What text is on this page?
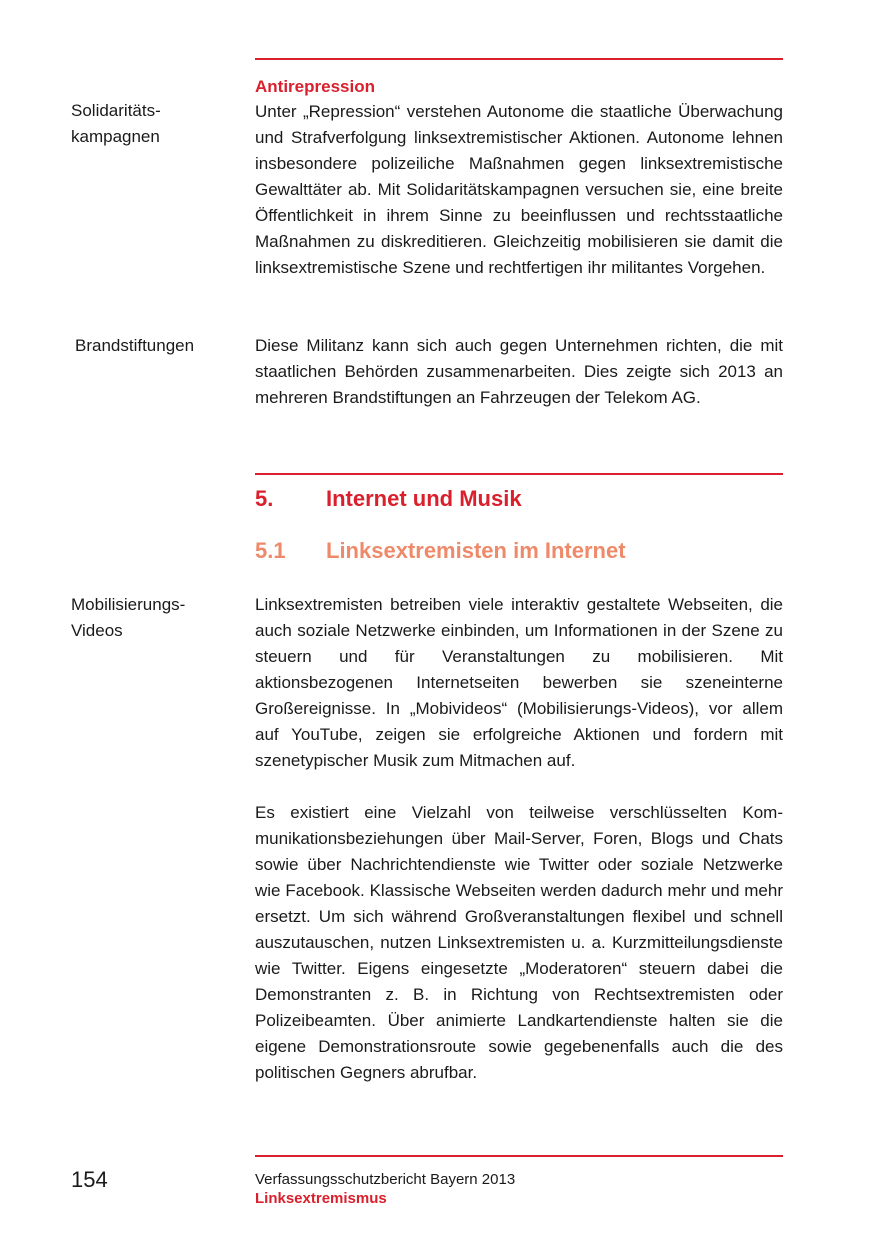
Antirepression
Solidaritäts-
kampagnen

Unter „Repression“ verstehen Autonome die staatliche Überwachung und Strafverfolgung linksextremistischer Aktionen. Autonome lehnen insbesondere polizeiliche Maßnahmen gegen linksextremistische Gewalttäter ab. Mit Solidaritätskampagnen versuchen sie, eine breite Öffentlichkeit in ihrem Sinne zu beeinflussen und rechtsstaatliche Maßnahmen zu diskreditieren. Gleichzeitig mobilisieren sie damit die linksextremistische Szene und rechtfertigen ihr militantes Vorgehen.

Brandstiftungen	Diese Militanz kann sich auch gegen Unternehmen richten, die mit staatlichen Behörden zusammenarbeiten. Dies zeigte sich 2013 an mehreren Brandstiftungen an Fahrzeugen der Telekom AG.

5. Internet und Musik
5.1 Linksextremisten im Internet
Mobilisierungs-
Videos

Linksextremisten betreiben viele interaktiv gestaltete Webseiten, die auch soziale Netzwerke einbinden, um Informationen in der Szene zu steuern und für Veranstaltungen zu mobilisieren. Mit aktionsbezogenen Internetseiten bewerben sie szeneinterne Großereignisse. In „Mobivideos“ (Mobilisierungs-Videos), vor allem auf YouTube, zeigen sie erfolgreiche Aktionen und fordern mit szenetypischer Musik zum Mitmachen auf.

Es existiert eine Vielzahl von teilweise verschlüsselten Kommunikationsbeziehungen über Mail-Server, Foren, Blogs und Chats sowie über Nachrichtendienste wie Twitter oder soziale Netzwerke wie Facebook. Klassische Webseiten werden dadurch mehr und mehr ersetzt. Um sich während Großveranstaltungen flexibel und schnell auszutauschen, nutzen Linksextremisten u. a. Kurzmitteilungsdienste wie Twitter. Eigens eingesetzte „Moderatoren“ steuern dabei die Demonstranten z. B. in Richtung von Rechtsextremisten oder Polizeibeamten. Über animierte Landkartendienste halten sie die eigene Demonstrationsroute sowie gegebenenfalls auch die des politischen Gegners abrufbar.

154	Verfassungsschutzbericht Bayern 2013
Linksextremismus
